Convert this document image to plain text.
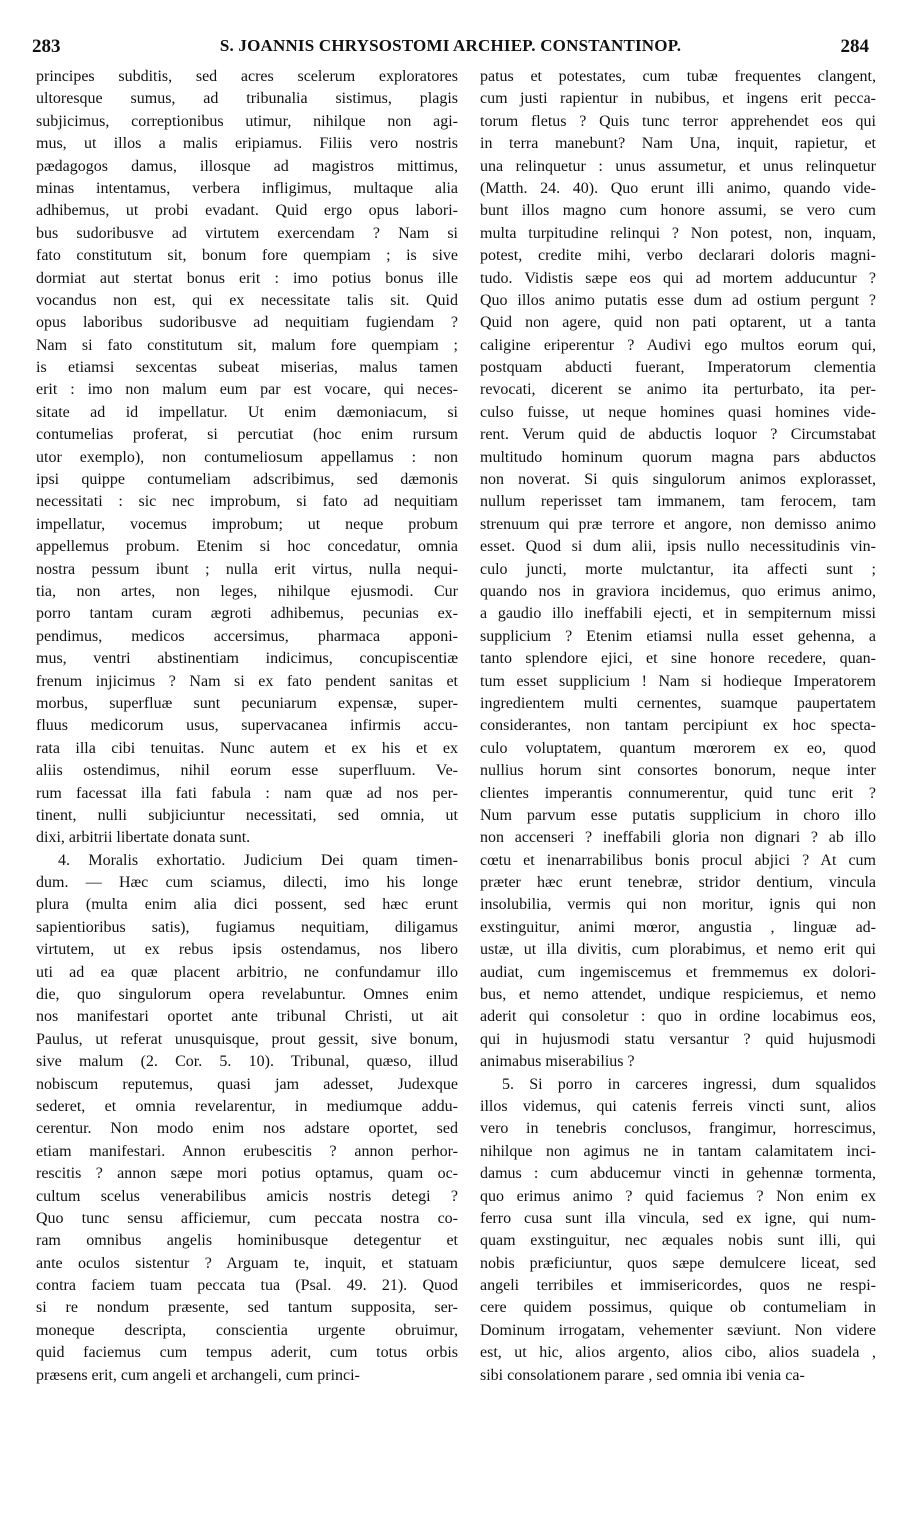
283	S. JOANNIS CHRYSOSTOMI ARCHIEP. CONSTANTINOP.	284
principes subditis, sed acres scelerum exploratores
ultoresque sumus, ad tribunalia sistimus, plagis
subjicimus, correptionibus utimur, nihilque non agi-
mus, ut illos a malis eripiamus. Filiis vero nostris
pædagogos damus, illosque ad magistros mittimus,
minas intentamus, verbera infligimus, multaque alia
adhibemus, ut probi evadant. Quid ergo opus labori-
bus sudoribusve ad virtutem exercendam ? Nam si
fato constitutum sit, bonum fore quempiam ; is sive
dormiat aut stertat bonus erit : imo potius bonus ille
vocandus non est, qui ex necessitate talis sit. Quid
opus laboribus sudoribusve ad nequitiam fugiendam ?
Nam si fato constitutum sit, malum fore quempiam ;
is etiamsi sexcentas subeat miserias, malus tamen
erit : imo non malum eum par est vocare, qui neces-
sitate ad id impellatur. Ut enim dæmoniacum, si
contumelias proferat, si percutiat (hoc enim rursum
utor exemplo), non contumeliosum appellamus : non
ipsi quippe contumeliam adscribimus, sed dæmonis
necessitati : sic nec improbum, si fato ad nequitiam
impellatur, vocemus improbum; ut neque probum
appellemus probum. Etenim si hoc concedatur, omnia
nostra pessum ibunt ; nulla erit virtus, nulla nequi-
tia, non artes, non leges, nihilque ejusmodi. Cur
porro tantam curam ægroti adhibemus, pecunias ex-
pendimus, medicos accersimus, pharmaca apponi-
mus, ventri abstinentiam indicimus, concupiscentiæ
frenum injicimus ? Nam si ex fato pendent sanitas et
morbus, superfluæ sunt pecuniarum expensæ, super-
fluus medicorum usus, supervacanea infirmis accu-
rata illa cibi tenuitas. Nunc autem et ex his et ex
aliis ostendimus, nihil eorum esse superfluum. Ve-
rum facessat illa fati fabula : nam quæ ad nos per-
tinent, nulli subjiciuntur necessitati, sed omnia, ut
dixi, arbitrii libertate donata sunt.
4. Moralis exhortatio. Judicium Dei quam timen-
dum. — Hæc cum sciamus, dilecti, imo his longe
plura (multa enim alia dici possent, sed hæc erunt
sapientioribus satis), fugiamus nequitiam, diligamus
virtutem, ut ex rebus ipsis ostendamus, nos libero
uti ad ea quæ placent arbitrio, ne confundamur illo
die, quo singulorum opera revelabuntur. Omnes enim
nos manifestari oportet ante tribunal Christi, ut ait
Paulus, ut referat unusquisque, prout gessit, sive bonum,
sive malum (2. Cor. 5. 10). Tribunal, quæso, illud
nobiscum reputemus, quasi jam adesset, Judexque
sederet, et omnia revelarentur, in mediumque addu-
cerentur. Non modo enim nos adstare oportet, sed
etiam manifestari. Annon erubescitis ? annon perhor-
rescitis ? annon sæpe mori potius optamus, quam oc-
cultum scelus venerabilibus amicis nostris detegi ?
Quo tunc sensu afficiemur, cum peccata nostra co-
ram omnibus angelis hominibusque detegentur et
ante oculos sistentur ? Arguam te, inquit, et statuam
contra faciem tuam peccata tua (Psal. 49. 21). Quod
si re nondum præsente, sed tantum supposita, ser-
moneque descripta, conscientia urgente obruimur,
quid faciemus cum tempus aderit, cum totus orbis
præsens erit, cum angeli et archangeli, cum princi-
patus et potestates, cum tubæ frequentes clangent,
cum justi rapientur in nubibus, et ingens erit pecca-
torum fletus ? Quis tunc terror apprehendet eos qui
in terra manebunt? Nam Una, inquit, rapietur, et
una relinquetur : unus assumetur, et unus relinquetur
(Matth. 24. 40). Quo erunt illi animo, quando vide-
bunt illos magno cum honore assumi, se vero cum
multa turpitudine relinqui ? Non potest, non, inquam,
potest, credite mihi, verbo declarari doloris magni-
tudo. Vidistis sæpe eos qui ad mortem adducuntur ?
Quo illos animo putatis esse dum ad ostium pergunt ?
Quid non agere, quid non pati optarent, ut a tanta
caligine eriperentur ? Audivi ego multos eorum qui,
postquam abducti fuerant, Imperatorum clementia
revocati, dicerent se animo ita perturbato, ita per-
culso fuisse, ut neque homines quasi homines vide-
rent. Verum quid de abductis loquor ? Circumstabat
multitudo hominum quorum magna pars abductos
non noverat. Si quis singulorum animos explorasset,
nullum reperisset tam immanem, tam ferocem, tam
strenuum qui præ terrore et angore, non demisso animo
esset. Quod si dum alii, ipsis nullo necessitudinis vin-
culo juncti, morte mulctantur, ita affecti sunt ;
quando nos in graviora incidemus, quo erimus animo,
a gaudio illo ineffabili ejecti, et in sempiternum missi
supplicium ? Etenim etiamsi nulla esset gehenna, a
tanto splendore ejici, et sine honore recedere, quan-
tum esset supplicium ! Nam si hodieque Imperatorem
ingredientem multi cernentes, suamque paupertatem
considerantes, non tantam percipiunt ex hoc specta-
culo voluptatem, quantum mœrorem ex eo, quod
nullius horum sint consortes bonorum, neque inter
clientes imperantis connumerentur, quid tunc erit ?
Num parvum esse putatis supplicium in choro illo
non accenseri ? ineffabili gloria non dignari ? ab illo
cœtu et inenarrabilibus bonis procul abjici ? At cum
præter hæc erunt tenebræ, stridor dentium, vincula
insolubilia, vermis qui non moritur, ignis qui non
exstinguitur, animi mœror, angustia , linguæ ad-
ustæ, ut illa divitis, cum plorabimus, et nemo erit qui
audiat, cum ingemiscemus et fremmemus ex dolori-
bus, et nemo attendet, undique respiciemus, et nemo
aderit qui consoletur : quo in ordine locabimus eos,
qui in hujusmodi statu versantur ? quid hujusmodi
animabus miserabilius ?
5. Si porro in carceres ingressi, dum squalidos
illos videmus, qui catenis ferreis vincti sunt, alios
vero in tenebris conclusos, frangimur, horrescimus,
nihilque non agimus ne in tantam calamitatem inci-
damus : cum abducemur vincti in gehennæ tormenta,
quo erimus animo ? quid faciemus ? Non enim ex
ferro cusa sunt illa vincula, sed ex igne, qui num-
quam exstinguitur, nec æquales nobis sunt illi, qui
nobis præficiuntur, quos sæpe demulcere liceat, sed
angeli terribiles et immisericordes, quos ne respi-
cere quidem possimus, quique ob contumeliam in
Dominum irrogatam, vehementer sæviunt. Non videre
est, ut hic, alios argento, alios cibo, alios suadela ,
sibi consolationem parare , sed omnia ibi venia ca-
